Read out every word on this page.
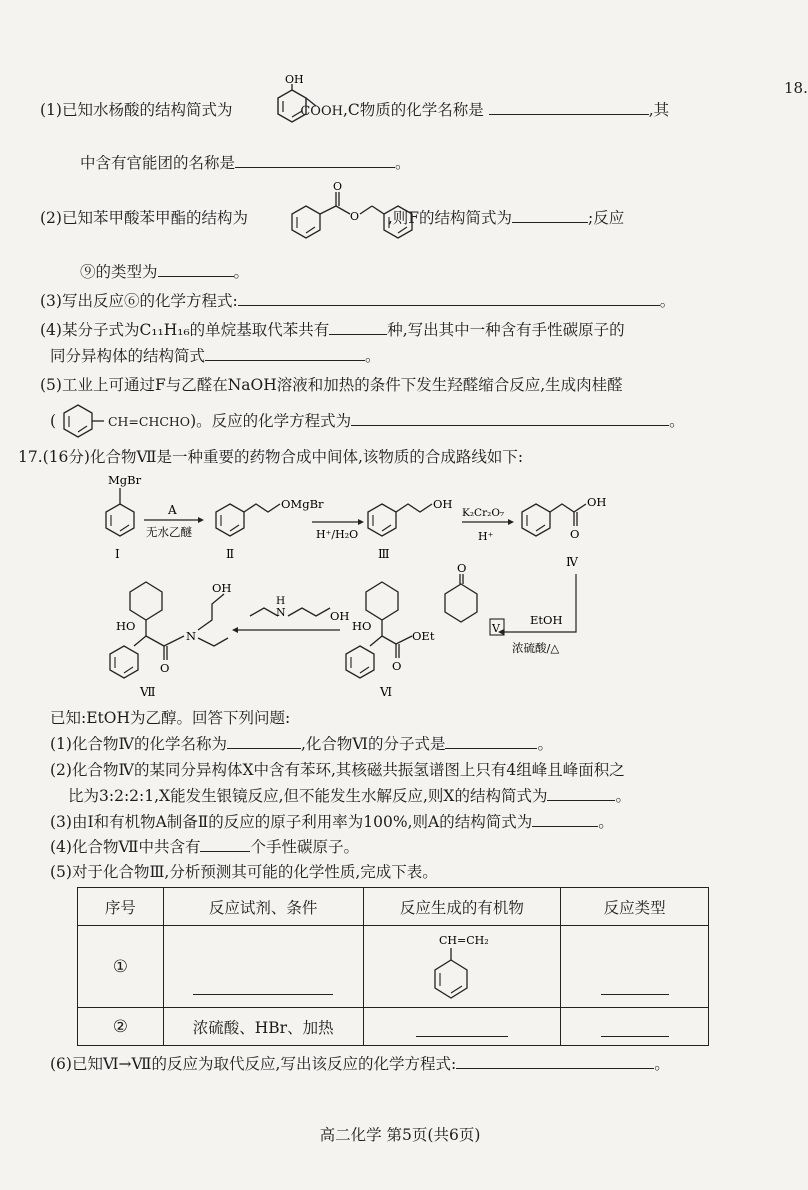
18.
(1)已知水杨酸的结构简式为	COOH,C物质的化学名称是	,其
OH
中含有官能团的名称是	。
(2)已知苯甲酸苯甲酯的结构为	,则F的结构简式为	;反应
O
O
⑨的类型为	。
(3)写出反应⑥的化学方程式:	。
(4)某分子式为C₁₁H₁₆的单烷基取代苯共有	种,写出其中一种含有手性碳原子的
同分异构体的结构简式	。
(5)工业上可通过F与乙醛在NaOH溶液和加热的条件下发生羟醛缩合反应,生成肉桂醛
(	CH=CHCHO)。反应的化学方程式为	。
17.(16分)化合物Ⅶ是一种重要的药物合成中间体,该物质的合成路线如下:
MgBr
Ⅰ
A
无水乙醚
OMgBr
Ⅱ
H⁺/H₂O
OH
Ⅲ
K₂Cr₂O₇
H⁺
OH
O
Ⅳ
EtOH
浓硫酸/△
Ⅴ
O
HO
OEt
O
Ⅵ
N
H
OH
HO
O
N
OH
Ⅶ
已知:EtOH为乙醇。回答下列问题:
(1)化合物Ⅳ的化学名称为	,化合物Ⅵ的分子式是	。
(2)化合物Ⅳ的某同分异构体X中含有苯环,其核磁共振氢谱图上只有4组峰且峰面积之
比为3:2:2:1,X能发生银镜反应,但不能发生水解反应,则X的结构简式为	。
(3)由Ⅰ和有机物A制备Ⅱ的反应的原子利用率为100%,则A的结构简式为	。
(4)化合物Ⅶ中共含有	个手性碳原子。
(5)对于化合物Ⅲ,分析预测其可能的化学性质,完成下表。
序号	反应试剂、条件	反应生成的有机物	反应类型
①		CH=CH₂	

②	浓硫酸、HBr、加热	

(6)已知Ⅵ→Ⅶ的反应为取代反应,写出该反应的化学方程式:	。
高二化学 第5页(共6页)
